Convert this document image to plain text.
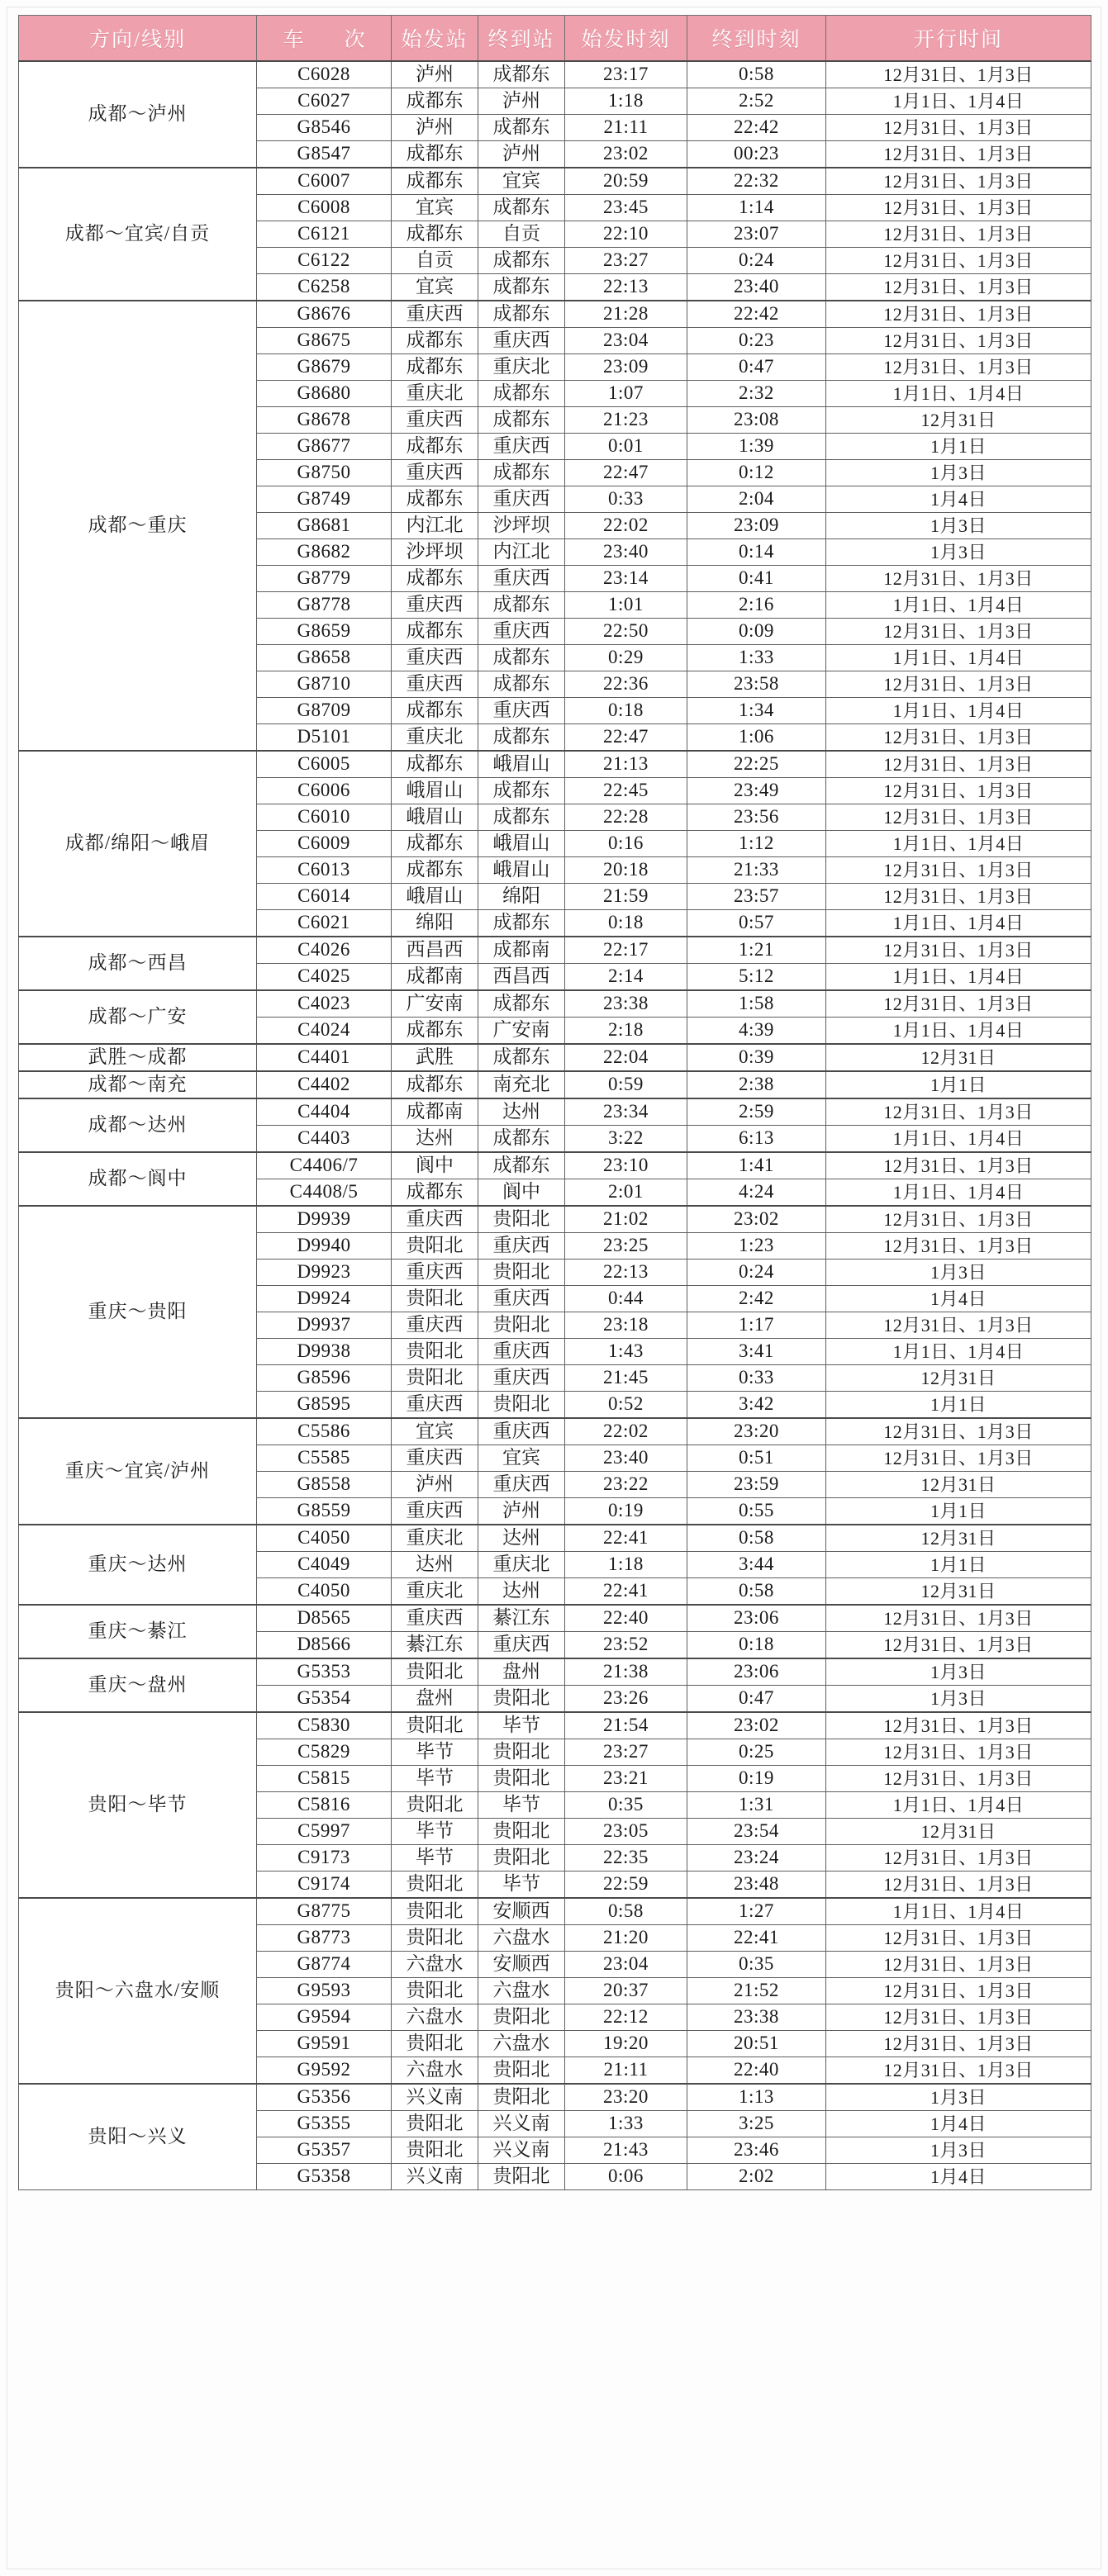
方向/线别	车　次	始发站	终到站	始发时刻	终到时刻	开行时间
成都～泸州	C6028	泸州	成都东	23:17	0:58	12月31日、1月3日
	C6027	成都东	泸州	1:18	2:52	1月1日、1月4日
	G8546	泸州	成都东	21:11	22:42	12月31日、1月3日
	G8547	成都东	泸州	23:02	00:23	12月31日、1月3日
成都～宜宾/自贡	C6007	成都东	宜宾	20:59	22:32	12月31日、1月3日
	C6008	宜宾	成都东	23:45	1:14	12月31日、1月3日
	C6121	成都东	自贡	22:10	23:07	12月31日、1月3日
	C6122	自贡	成都东	23:27	0:24	12月31日、1月3日
	C6258	宜宾	成都东	22:13	23:40	12月31日、1月3日
成都～重庆	G8676	重庆西	成都东	21:28	22:42	12月31日、1月3日
	G8675	成都东	重庆西	23:04	0:23	12月31日、1月3日
	G8679	成都东	重庆北	23:09	0:47	12月31日、1月3日
	G8680	重庆北	成都东	1:07	2:32	1月1日、1月4日
	G8678	重庆西	成都东	21:23	23:08	12月31日
	G8677	成都东	重庆西	0:01	1:39	1月1日
	G8750	重庆西	成都东	22:47	0:12	1月3日
	G8749	成都东	重庆西	0:33	2:04	1月4日
	G8681	内江北	沙坪坝	22:02	23:09	1月3日
	G8682	沙坪坝	内江北	23:40	0:14	1月3日
	G8779	成都东	重庆西	23:14	0:41	12月31日、1月3日
	G8778	重庆西	成都东	1:01	2:16	1月1日、1月4日
	G8659	成都东	重庆西	22:50	0:09	12月31日、1月3日
	G8658	重庆西	成都东	0:29	1:33	1月1日、1月4日
	G8710	重庆西	成都东	22:36	23:58	12月31日、1月3日
	G8709	成都东	重庆西	0:18	1:34	1月1日、1月4日
	D5101	重庆北	成都东	22:47	1:06	12月31日、1月3日
成都/绵阳～峨眉	C6005	成都东	峨眉山	21:13	22:25	12月31日、1月3日
	C6006	峨眉山	成都东	22:45	23:49	12月31日、1月3日
	C6010	峨眉山	成都东	22:28	23:56	12月31日、1月3日
	C6009	成都东	峨眉山	0:16	1:12	1月1日、1月4日
	C6013	成都东	峨眉山	20:18	21:33	12月31日、1月3日
	C6014	峨眉山	绵阳	21:59	23:57	12月31日、1月3日
	C6021	绵阳	成都东	0:18	0:57	1月1日、1月4日
成都～西昌	C4026	西昌西	成都南	22:17	1:21	12月31日、1月3日
	C4025	成都南	西昌西	2:14	5:12	1月1日、1月4日
成都～广安	C4023	广安南	成都东	23:38	1:58	12月31日、1月3日
	C4024	成都东	广安南	2:18	4:39	1月1日、1月4日
武胜～成都	C4401	武胜	成都东	22:04	0:39	12月31日
成都～南充	C4402	成都东	南充北	0:59	2:38	1月1日
成都～达州	C4404	成都南	达州	23:34	2:59	12月31日、1月3日
	C4403	达州	成都东	3:22	6:13	1月1日、1月4日
成都～阆中	C4406/7	阆中	成都东	23:10	1:41	12月31日、1月3日
	C4408/5	成都东	阆中	2:01	4:24	1月1日、1月4日
重庆～贵阳	D9939	重庆西	贵阳北	21:02	23:02	12月31日、1月3日
	D9940	贵阳北	重庆西	23:25	1:23	12月31日、1月3日
	D9923	重庆西	贵阳北	22:13	0:24	1月3日
	D9924	贵阳北	重庆西	0:44	2:42	1月4日
	D9937	重庆西	贵阳北	23:18	1:17	12月31日、1月3日
	D9938	贵阳北	重庆西	1:43	3:41	1月1日、1月4日
	G8596	贵阳北	重庆西	21:45	0:33	12月31日
	G8595	重庆西	贵阳北	0:52	3:42	1月1日
重庆～宜宾/泸州	C5586	宜宾	重庆西	22:02	23:20	12月31日、1月3日
	C5585	重庆西	宜宾	23:40	0:51	12月31日、1月3日
	G8558	泸州	重庆西	23:22	23:59	12月31日
	G8559	重庆西	泸州	0:19	0:55	1月1日
重庆～达州	C4050	重庆北	达州	22:41	0:58	12月31日
	C4049	达州	重庆北	1:18	3:44	1月1日
	C4050	重庆北	达州	22:41	0:58	12月31日
重庆～綦江	D8565	重庆西	綦江东	22:40	23:06	12月31日、1月3日
	D8566	綦江东	重庆西	23:52	0:18	12月31日、1月3日
重庆～盘州	G5353	贵阳北	盘州	21:38	23:06	1月3日
	G5354	盘州	贵阳北	23:26	0:47	1月3日
贵阳～毕节	C5830	贵阳北	毕节	21:54	23:02	12月31日、1月3日
	C5829	毕节	贵阳北	23:27	0:25	12月31日、1月3日
	C5815	毕节	贵阳北	23:21	0:19	12月31日、1月3日
	C5816	贵阳北	毕节	0:35	1:31	1月1日、1月4日
	C5997	毕节	贵阳北	23:05	23:54	12月31日
	C9173	毕节	贵阳北	22:35	23:24	12月31日、1月3日
	C9174	贵阳北	毕节	22:59	23:48	12月31日、1月3日
贵阳～六盘水/安顺	G8775	贵阳北	安顺西	0:58	1:27	1月1日、1月4日
	G8773	贵阳北	六盘水	21:20	22:41	12月31日、1月3日
	G8774	六盘水	安顺西	23:04	0:35	12月31日、1月3日
	G9593	贵阳北	六盘水	20:37	21:52	12月31日、1月3日
	G9594	六盘水	贵阳北	22:12	23:38	12月31日、1月3日
	G9591	贵阳北	六盘水	19:20	20:51	12月31日、1月3日
	G9592	六盘水	贵阳北	21:11	22:40	12月31日、1月3日
贵阳～兴义	G5356	兴义南	贵阳北	23:20	1:13	1月3日
	G5355	贵阳北	兴义南	1:33	3:25	1月4日
	G5357	贵阳北	兴义南	21:43	23:46	1月3日
	G5358	兴义南	贵阳北	0:06	2:02	1月4日
